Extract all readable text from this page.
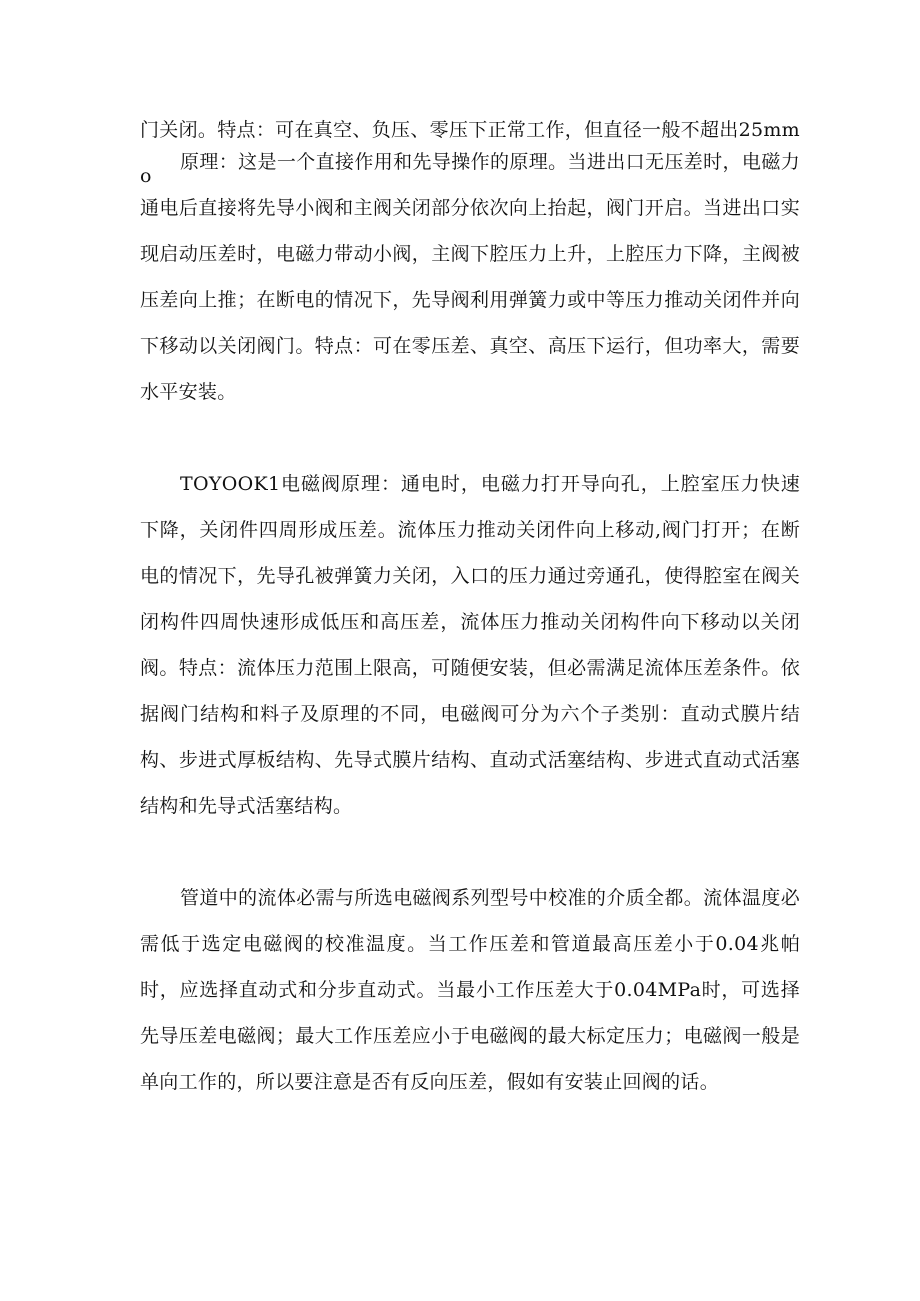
门关闭。特点：可在真空、负压、零压下正常工作，但直径一般不超出25mmo

原理：这是一个直接作用和先导操作的原理。当进出口无压差时，电磁力通电后直接将先导小阀和主阀关闭部分依次向上抬起，阀门开启。当进出口实现启动压差时，电磁力带动小阀，主阀下腔压力上升，上腔压力下降，主阀被压差向上推；在断电的情况下，先导阀利用弹簧力或中等压力推动关闭件并向下移动以关闭阀门。特点：可在零压差、真空、高压下运行，但功率大，需要水平安装。

TOYOOK1电磁阀原理：通电时，电磁力打开导向孔，上腔室压力快速下降，关闭件四周形成压差。流体压力推动关闭件向上移动,阀门打开；在断电的情况下，先导孔被弹簧力关闭，入口的压力通过旁通孔，使得腔室在阀关闭构件四周快速形成低压和高压差，流体压力推动关闭构件向下移动以关闭阀。特点：流体压力范围上限高，可随便安装，但必需满足流体压差条件。依据阀门结构和料子及原理的不同，电磁阀可分为六个子类别：直动式膜片结构、步进式厚板结构、先导式膜片结构、直动式活塞结构、步进式直动式活塞结构和先导式活塞结构。

管道中的流体必需与所选电磁阀系列型号中校准的介质全都。流体温度必需低于选定电磁阀的校准温度。当工作压差和管道最高压差小于0.04兆帕时，应选择直动式和分步直动式。当最小工作压差大于0.04MPa时，可选择先导压差电磁阀；最大工作压差应小于电磁阀的最大标定压力；电磁阀一般是单向工作的，所以要注意是否有反向压差，假如有安装止回阀的话。
